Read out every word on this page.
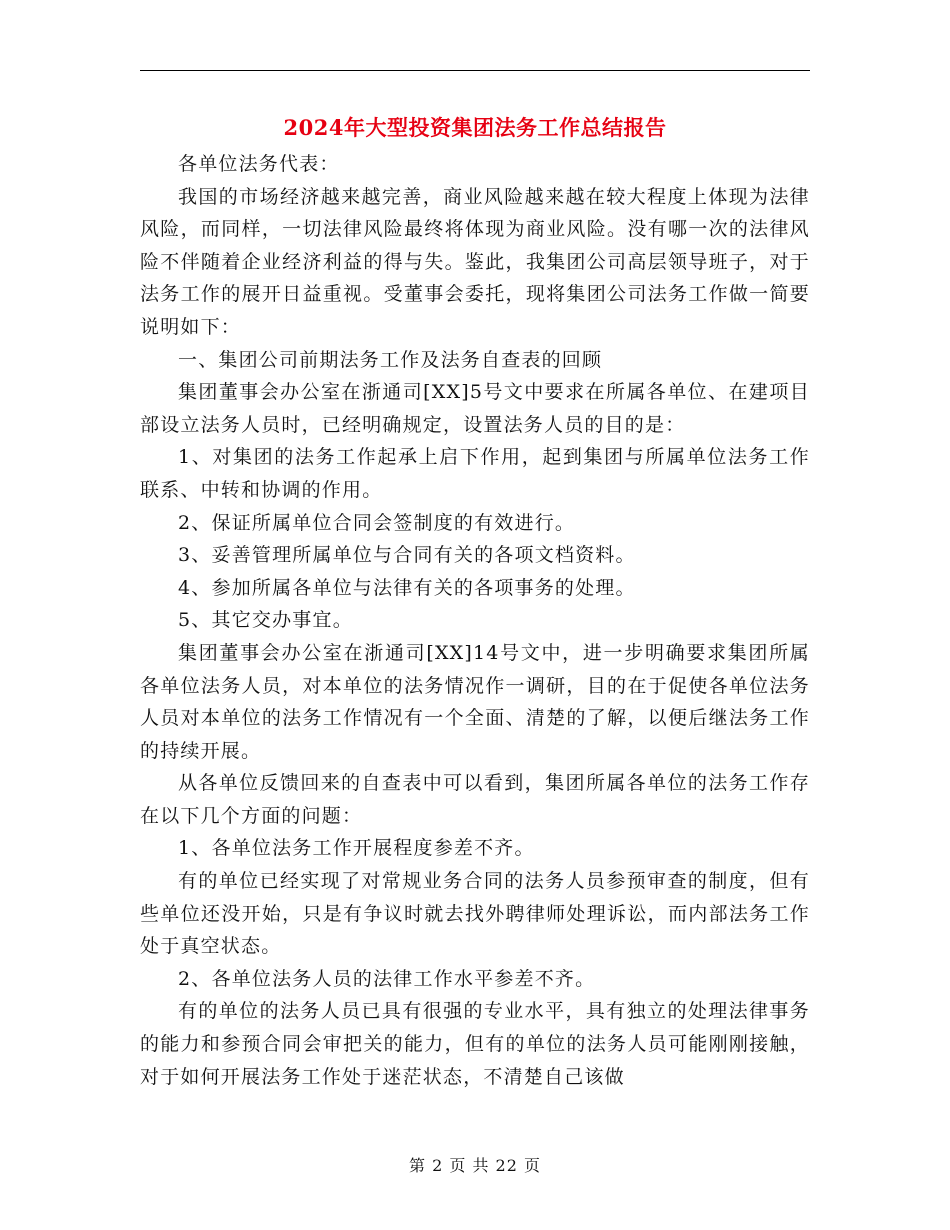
2024年大型投资集团法务工作总结报告

各单位法务代表：

我国的市场经济越来越完善，商业风险越来越在较大程度上体现为法律风险，而同样，一切法律风险最终将体现为商业风险。没有哪一次的法律风险不伴随着企业经济利益的得与失。鉴此，我集团公司高层领导班子，对于法务工作的展开日益重视。受董事会委托，现将集团公司法务工作做一简要说明如下：

一、集团公司前期法务工作及法务自查表的回顾

集团董事会办公室在浙通司[XX]5号文中要求在所属各单位、在建项目部设立法务人员时，已经明确规定，设置法务人员的目的是：

1、对集团的法务工作起承上启下作用，起到集团与所属单位法务工作联系、中转和协调的作用。

2、保证所属单位合同会签制度的有效进行。

3、妥善管理所属单位与合同有关的各项文档资料。

4、参加所属各单位与法律有关的各项事务的处理。

5、其它交办事宜。

集团董事会办公室在浙通司[XX]14号文中，进一步明确要求集团所属各单位法务人员，对本单位的法务情况作一调研，目的在于促使各单位法务人员对本单位的法务工作情况有一个全面、清楚的了解，以便后继法务工作的持续开展。

从各单位反馈回来的自查表中可以看到，集团所属各单位的法务工作存在以下几个方面的问题：

1、各单位法务工作开展程度参差不齐。

有的单位已经实现了对常规业务合同的法务人员参预审查的制度，但有些单位还没开始，只是有争议时就去找外聘律师处理诉讼，而内部法务工作处于真空状态。

2、各单位法务人员的法律工作水平参差不齐。

有的单位的法务人员已具有很强的专业水平，具有独立的处理法律事务的能力和参预合同会审把关的能力，但有的单位的法务人员可能刚刚接触，对于如何开展法务工作处于迷茫状态，不清楚自己该做

第 2 页 共 22 页
